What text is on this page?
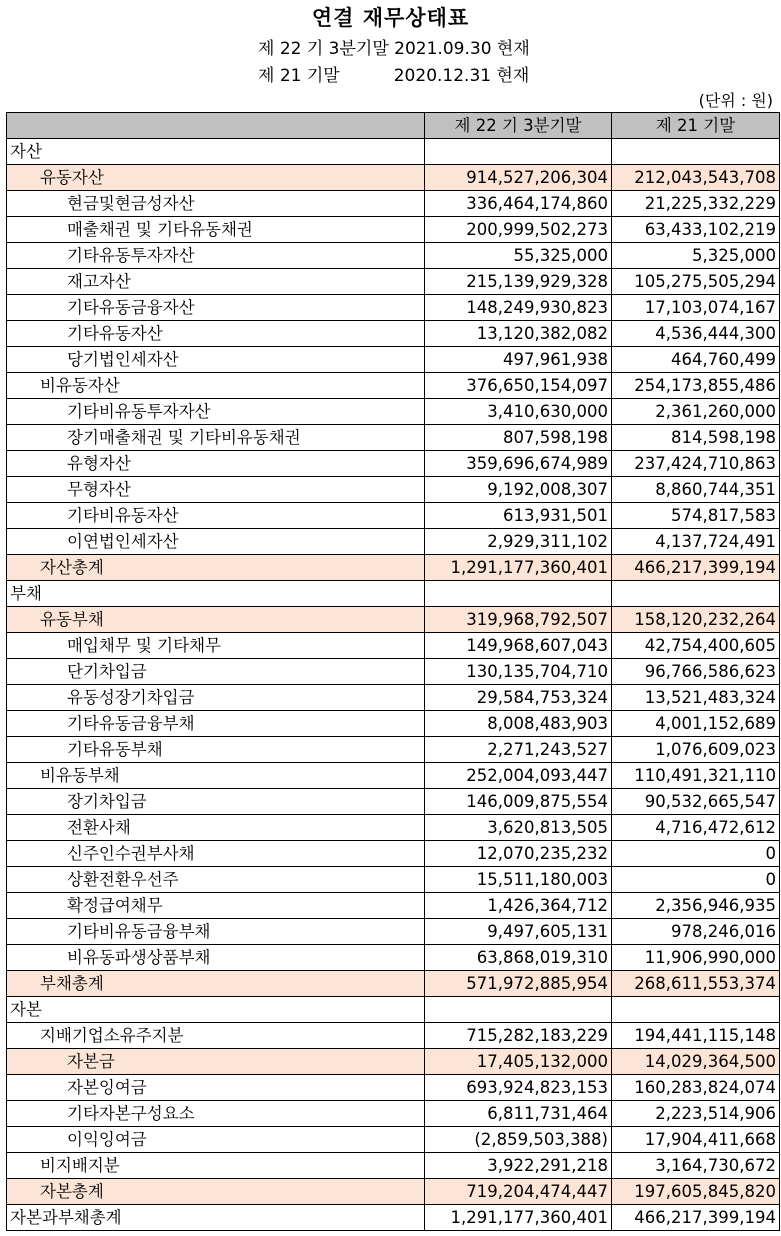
연결 재무상태표
제 22 기 3분기말 2021.09.30 현재
제 21 기말          2020.12.31 현재
(단위 : 원)
	제 22 기 3분기말	제 21 기말
자산		
유동자산	914,527,206,304	212,043,543,708
현금및현금성자산	336,464,174,860	21,225,332,229
매출채권 및 기타유동채권	200,999,502,273	63,433,102,219
기타유동투자자산	55,325,000	5,325,000
재고자산	215,139,929,328	105,275,505,294
기타유동금융자산	148,249,930,823	17,103,074,167
기타유동자산	13,120,382,082	4,536,444,300
당기법인세자산	497,961,938	464,760,499
비유동자산	376,650,154,097	254,173,855,486
기타비유동투자자산	3,410,630,000	2,361,260,000
장기매출채권 및 기타비유동채권	807,598,198	814,598,198
유형자산	359,696,674,989	237,424,710,863
무형자산	9,192,008,307	8,860,744,351
기타비유동자산	613,931,501	574,817,583
이연법인세자산	2,929,311,102	4,137,724,491
자산총계	1,291,177,360,401	466,217,399,194
부채		
유동부채	319,968,792,507	158,120,232,264
매입채무 및 기타채무	149,968,607,043	42,754,400,605
단기차입금	130,135,704,710	96,766,586,623
유동성장기차입금	29,584,753,324	13,521,483,324
기타유동금융부채	8,008,483,903	4,001,152,689
기타유동부채	2,271,243,527	1,076,609,023
비유동부채	252,004,093,447	110,491,321,110
장기차입금	146,009,875,554	90,532,665,547
전환사채	3,620,813,505	4,716,472,612
신주인수권부사채	12,070,235,232	0
상환전환우선주	15,511,180,003	0
확정급여채무	1,426,364,712	2,356,946,935
기타비유동금융부채	9,497,605,131	978,246,016
비유동파생상품부채	63,868,019,310	11,906,990,000
부채총계	571,972,885,954	268,611,553,374
자본		
지배기업소유주지분	715,282,183,229	194,441,115,148
자본금	17,405,132,000	14,029,364,500
자본잉여금	693,924,823,153	160,283,824,074
기타자본구성요소	6,811,731,464	2,223,514,906
이익잉여금	(2,859,503,388)	17,904,411,668
비지배지분	3,922,291,218	3,164,730,672
자본총계	719,204,474,447	197,605,845,820
자본과부채총계	1,291,177,360,401	466,217,399,194
